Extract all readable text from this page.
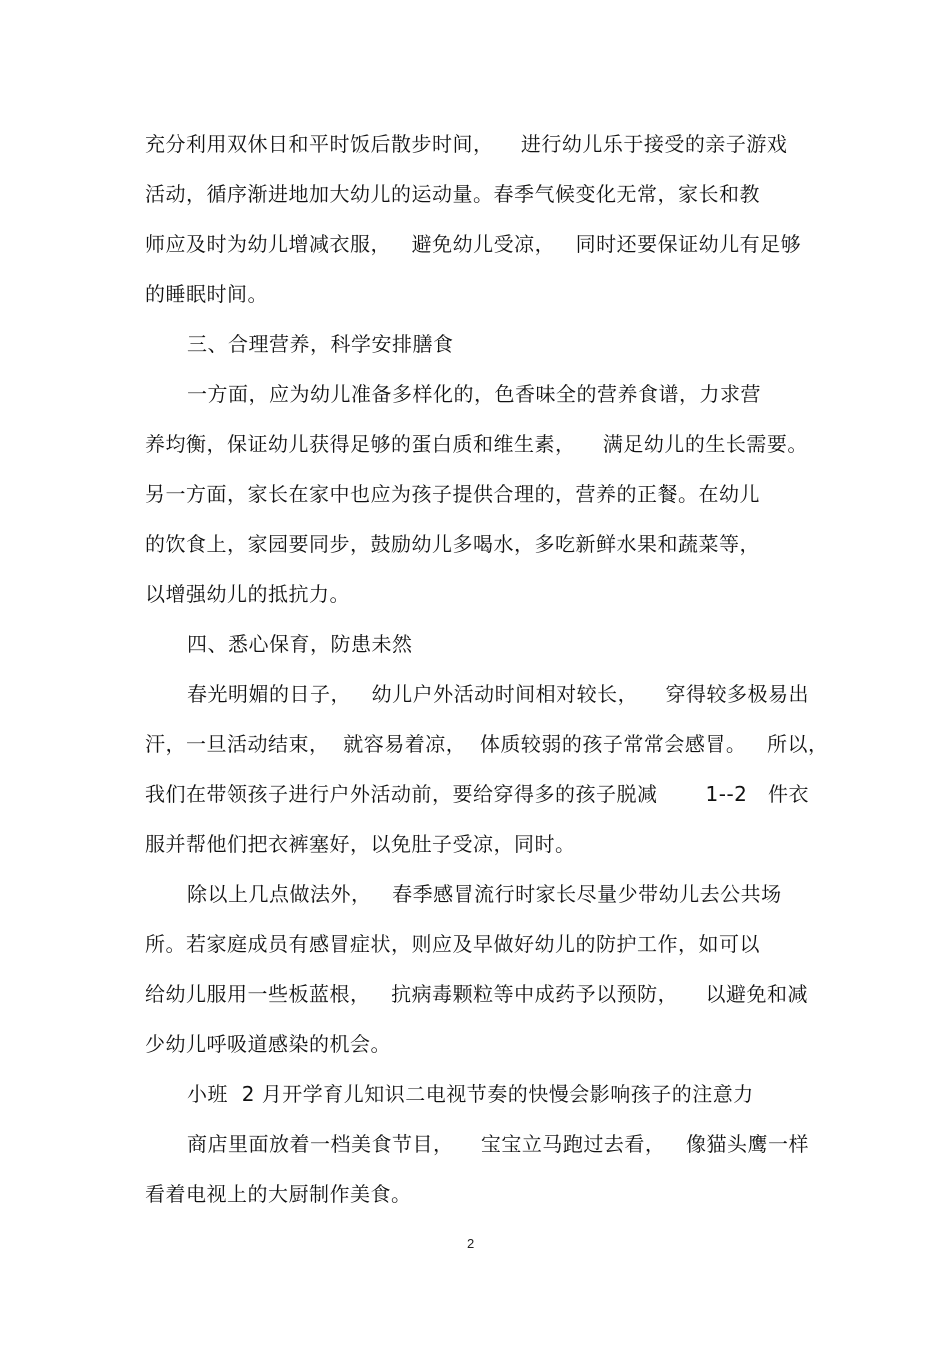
充分利用双休日和平时饭后散步时间，    进行幼儿乐于接受的亲子游戏
活动，循序渐进地加大幼儿的运动量。春季气候变化无常，家长和教
师应及时为幼儿增减衣服，   避免幼儿受凉，   同时还要保证幼儿有足够
的睡眠时间。
三、合理营养，科学安排膳食
一方面，应为幼儿准备多样化的，色香味全的营养食谱，力求营
养均衡，保证幼儿获得足够的蛋白质和维生素，    满足幼儿的生长需要。
另一方面，家长在家中也应为孩子提供合理的，营养的正餐。在幼儿
的饮食上，家园要同步，鼓励幼儿多喝水，多吃新鲜水果和蔬菜等，
以增强幼儿的抵抗力。
四、悉心保育，防患未然
春光明媚的日子，   幼儿户外活动时间相对较长，    穿得较多极易出
汗，一旦活动结束，  就容易着凉，  体质较弱的孩子常常会感冒。   所以，
我们在带领孩子进行户外活动前，要给穿得多的孩子脱减       1--2   件衣
服并帮他们把衣裤塞好，以免肚子受凉，同时。
除以上几点做法外，   春季感冒流行时家长尽量少带幼儿去公共场
所。若家庭成员有感冒症状，则应及早做好幼儿的防护工作，如可以
给幼儿服用一些板蓝根，   抗病毒颗粒等中成药予以预防，    以避免和减
少幼儿呼吸道感染的机会。
小班  2 月开学育儿知识二电视节奏的快慢会影响孩子的注意力
商店里面放着一档美食节目，    宝宝立马跑过去看，   像猫头鹰一样
看着电视上的大厨制作美食。
2
